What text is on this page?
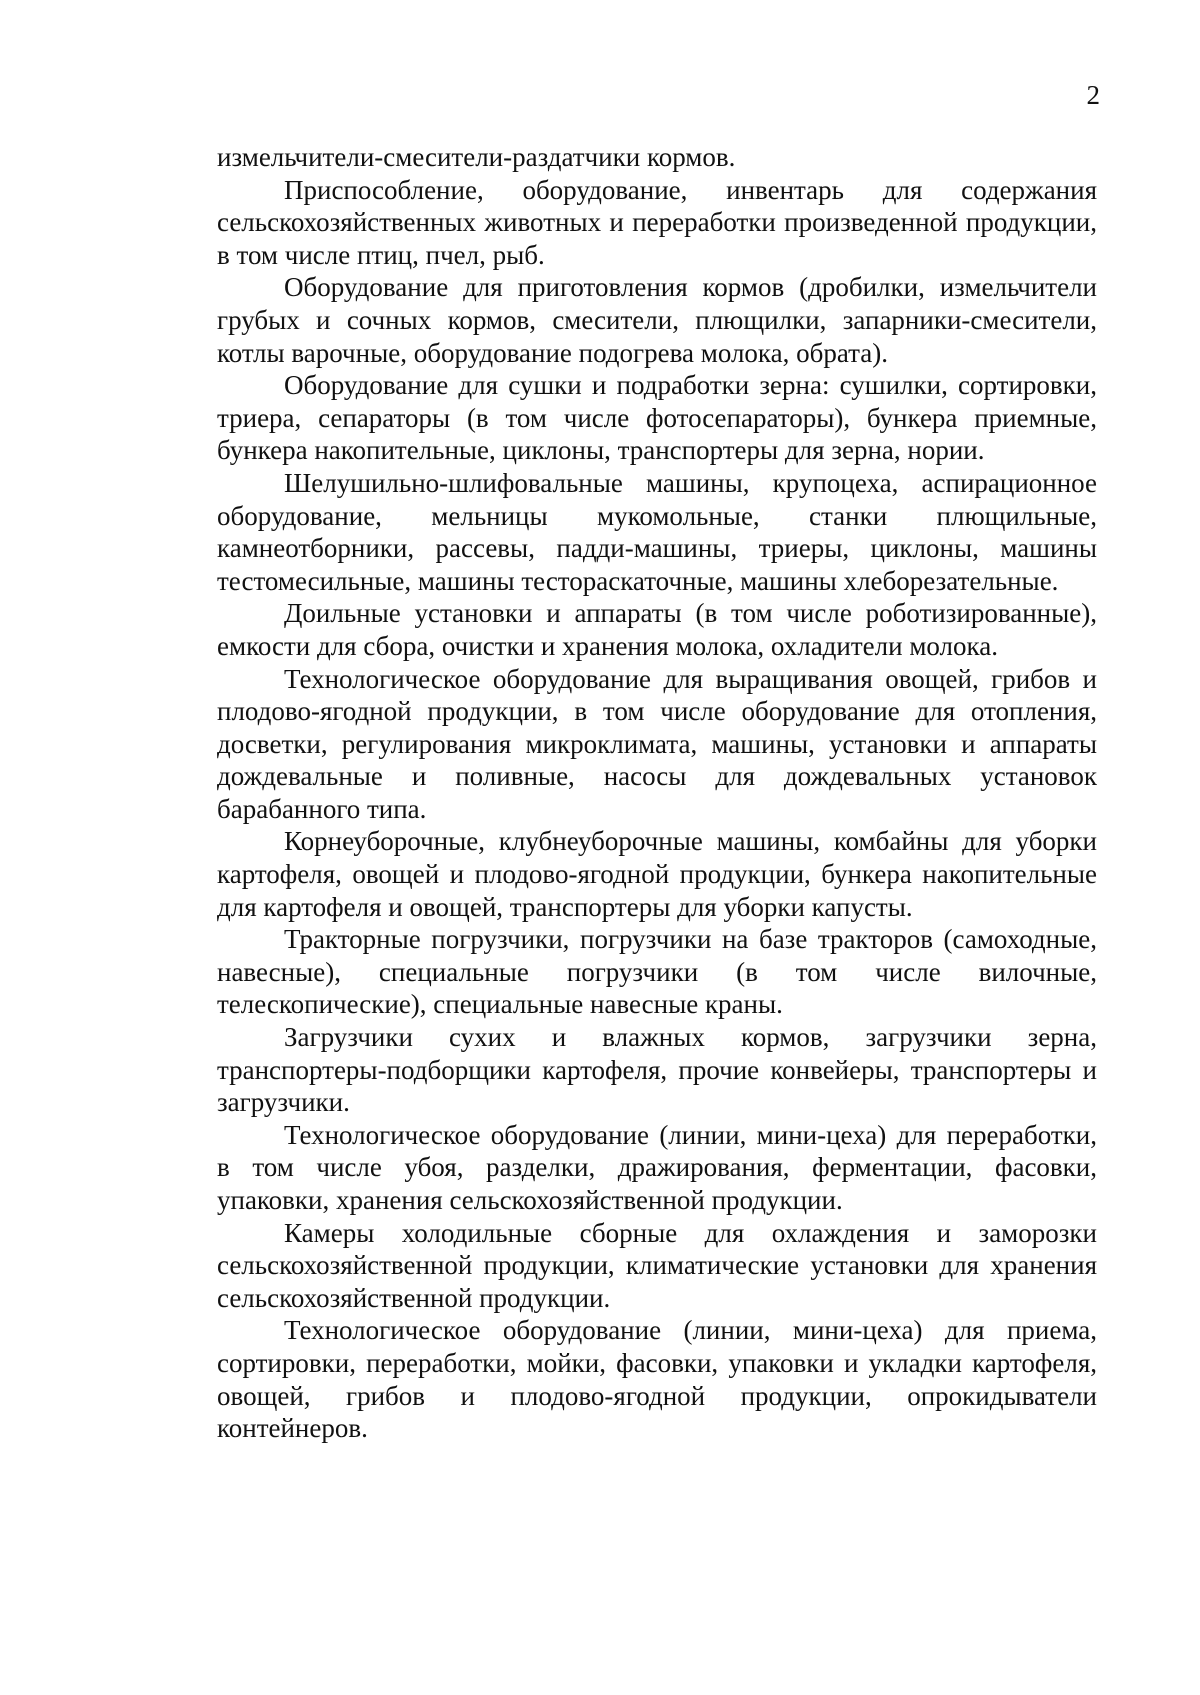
2

измельчители-смесители-раздатчики кормов.

Приспособление, оборудование, инвентарь для содержания сельскохозяйственных животных и переработки произведенной продукции, в том числе птиц, пчел, рыб.

Оборудование для приготовления кормов (дробилки, измельчители грубых и сочных кормов, смесители, плющилки, запарники-смесители, котлы варочные, оборудование подогрева молока, обрата).

Оборудование для сушки и подработки зерна: сушилки, сортировки, триера, сепараторы (в том числе фотосепараторы), бункера приемные, бункера накопительные, циклоны, транспортеры для зерна, нории.

Шелушильно-шлифовальные машины, крупоцеха, аспирационное оборудование, мельницы мукомольные, станки плющильные, камнеотборники, рассевы, падди-машины, триеры, циклоны, машины тестомесильные, машины тестораскаточные, машины хлеборезательные.

Доильные установки и аппараты (в том числе роботизированные), емкости для сбора, очистки и хранения молока, охладители молока.

Технологическое оборудование для выращивания овощей, грибов и плодово-ягодной продукции, в том числе оборудование для отопления, досветки, регулирования микроклимата, машины, установки и аппараты дождевальные и поливные, насосы для дождевальных установок барабанного типа.

Корнеуборочные, клубнеуборочные машины, комбайны для уборки картофеля, овощей и плодово-ягодной продукции, бункера накопительные для картофеля и овощей, транспортеры для уборки капусты.

Тракторные погрузчики, погрузчики на базе тракторов (самоходные, навесные), специальные погрузчики (в том числе вилочные, телескопические), специальные навесные краны.

Загрузчики сухих и влажных кормов, загрузчики зерна, транспортеры-подборщики картофеля, прочие конвейеры, транспортеры и загрузчики.

Технологическое оборудование (линии, мини-цеха) для переработки, в том числе убоя, разделки, дражирования, ферментации, фасовки, упаковки, хранения сельскохозяйственной продукции.

Камеры холодильные сборные для охлаждения и заморозки сельскохозяйственной продукции, климатические установки для хранения сельскохозяйственной продукции.

Технологическое оборудование (линии, мини-цеха) для приема, сортировки, переработки, мойки, фасовки, упаковки и укладки картофеля, овощей, грибов и плодово-ягодной продукции, опрокидыватели контейнеров.
